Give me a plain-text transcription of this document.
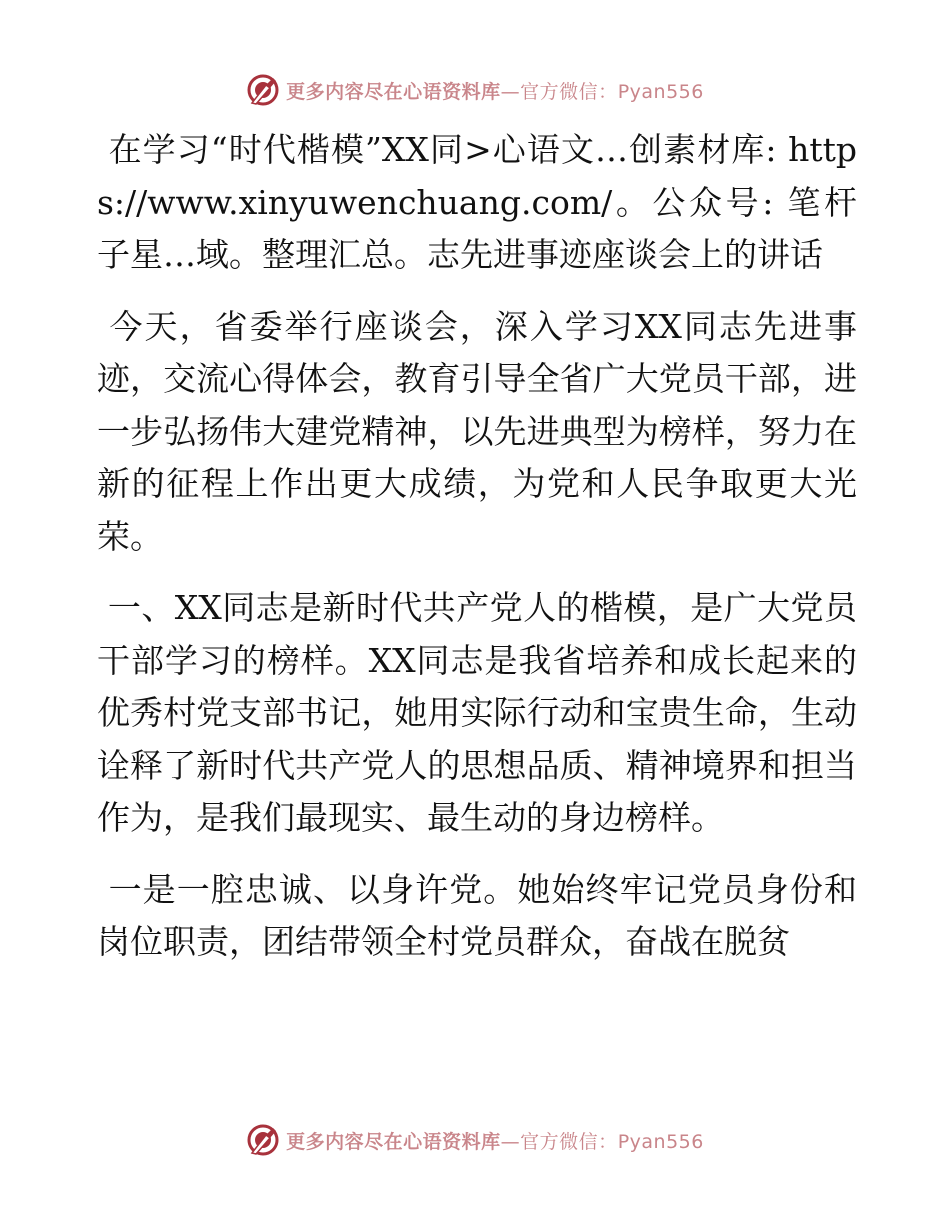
更多内容尽在心语资料库—官方微信：Pyan556

在学习“时代楷模”XX同>心语文…创素材库: https://www.xinyuwenchuang.com/。公众号: 笔杆子星…域。整理汇总。志先进事迹座谈会上的讲话

今天，省委举行座谈会，深入学习XX同志先进事迹，交流心得体会，教育引导全省广大党员干部，进一步弘扬伟大建党精神，以先进典型为榜样，努力在新的征程上作出更大成绩，为党和人民争取更大光荣。

一、XX同志是新时代共产党人的楷模，是广大党员干部学习的榜样。XX同志是我省培养和成长起来的优秀村党支部书记，她用实际行动和宝贵生命，生动诠释了新时代共产党人的思想品质、精神境界和担当作为，是我们最现实、最生动的身边榜样。

一是一腔忠诚、以身许党。她始终牢记党员身份和岗位职责，团结带领全村党员群众，奋战在脱贫

更多内容尽在心语资料库—官方微信：Pyan556
